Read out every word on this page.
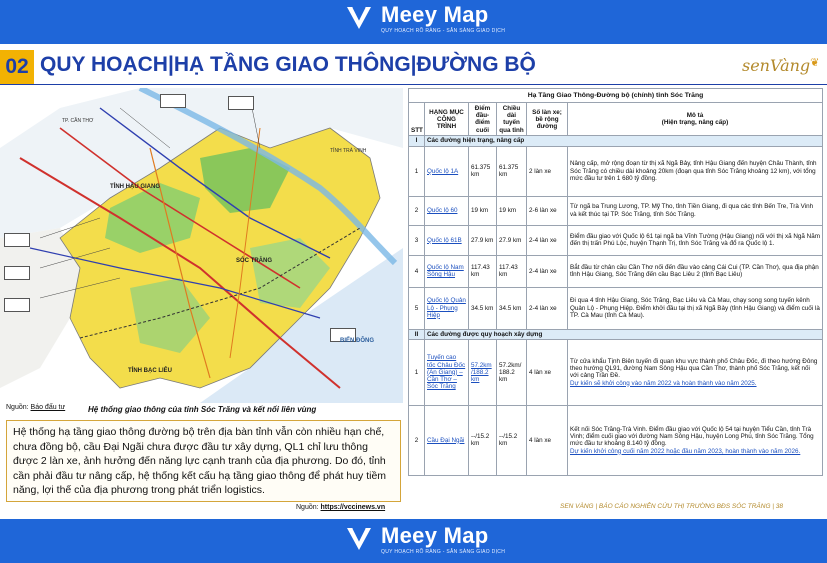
Meey Map
QUY HOẠCH RÕ RÀNG - SẴN SÀNG GIAO DỊCH
02 QUY HOẠCH|HẠ TẦNG GIAO THÔNG|ĐƯỜNG BỘ	senVàng❦
TỈNH HẬU GIANG
TỈNH BẠC LIÊU
SÓC TRĂNG
BIỂN ĐÔNG
TỈNH TRÀ VINH
TP. CẦN THƠ
Nguồn: Báo đấu tư	Hệ thống giao thông của tỉnh Sóc Trăng và kết nối liên vùng

Hệ thống hạ tầng giao thông đường bộ trên địa bàn tỉnh vẫn còn nhiều hạn chế, chưa đồng bộ, cầu Đại Ngãi chưa được đầu tư xây dựng, QL1 chỉ lưu thông được 2 làn xe, ảnh hưởng đến năng lực cạnh tranh của địa phương. Do đó, tỉnh cần phải đầu tư nâng cấp, hệ thống kết cấu hạ tầng giao thông để phát huy tiềm năng, lợi thế của địa phương trong phát triển logistics.

Nguồn: https://vccinews.vn
Hạ Tầng Giao Thông-Đường bộ (chính) tỉnh Sóc Trăng					
STT	HẠNG MỤC CÔNG TRÌNH	Điểm đầu-điểm cuối	Chiều dài tuyến qua tỉnh	Số làn xe; bề rộng đường	Mô tả
(Hiện trạng, nâng cấp)

I	Các đường hiện trạng, nâng cấp				
1	Quốc lộ 1A	61.375 km	61.375 km	2 làn xe	Nâng cấp, mở rộng đoạn từ thị xã Ngã Bảy, tỉnh Hậu Giang đến huyện Châu Thành, tỉnh Sóc Trăng có chiều dài khoảng 20km (đoạn qua tỉnh Sóc Trăng khoảng 12 km), với tổng mức đầu tư trên 1 680 tỷ đồng.
2	Quốc lộ 60	19 km	19 km	2-6 làn xe	Từ ngã ba Trung Lương, TP. Mỹ Tho, tỉnh Tiền Giang, đi qua các tỉnh Bến Tre, Trà Vinh và kết thúc tại TP. Sóc Trăng, tỉnh Sóc Trăng.
3	Quốc lộ 61B	27.9 km	27.9 km	2-4 làn xe	Điểm đầu giao với Quốc lộ 61 tại ngã ba Vĩnh Tường (Hậu Giang) nối với thị xã Ngã Năm đến thị trấn Phú Lộc, huyện Thạnh Trị, tỉnh Sóc Trăng và đổ ra Quốc lộ 1.
4	Quốc lộ Nam Sông Hậu	117.43 km	117.43 km	2-4 làn xe	Bắt đầu từ chân cầu Cần Thơ nối đến đầu vào cảng Cái Cui (TP. Cần Thơ), qua địa phận tỉnh Hậu Giang, Sóc Trăng đến cầu Bạc Liêu 2 (tỉnh Bạc Liêu)
5	Quốc lộ Quản Lộ - Phụng Hiệp	34.5 km	34.5 km	2-4 làn xe	Đi qua 4 tỉnh Hậu Giang, Sóc Trăng, Bạc Liêu và Cà Mau, chạy song song tuyến kênh Quản Lộ - Phụng Hiệp. Điểm khởi đầu tại thị xã Ngã Bảy (tỉnh Hậu Giang) và điểm cuối là TP. Cà Mau (tỉnh Cà Mau).
II	Các đường được quy hoạch xây dựng				
1	Tuyến cao tốc Châu Đốc (An Giang) – Cần Thơ – Sóc Trăng	57.2km /188.2 km	57.2km/ 188.2 km	4 làn xe	Từ cửa khẩu Tịnh Biên tuyến đi quan khu vực thành phố Châu Đốc, đi theo hướng Đông theo hướng QL91, đường Nam Sông Hậu qua Cần Thơ, thành phố Sóc Trăng, kết nối với cảng Trần Đề.
Dự kiến sẽ khởi công vào năm 2022 và hoàn thành vào năm 2025.

2	Cầu Đại Ngãi	--/15.2 km	--/15.2 km	4 làn xe	Kết nối Sóc Trăng-Trà Vinh. Điểm đầu giao với Quốc lộ 54 tại huyện Tiểu Cần, tỉnh Trà Vinh; điểm cuối giao với đường Nam Sông Hậu, huyện Long Phú, tỉnh Sóc Trăng. Tổng mức đầu tư khoảng 8.140 tỷ đồng.
Dự kiến khởi công cuối năm 2022 hoặc đầu năm 2023, hoàn thành vào năm 2026.
SEN VÀNG | BÁO CÁO NGHIÊN CỨU THỊ TRƯỜNG BĐS SÓC TRĂNG | 38
Meey Map
QUY HOẠCH RÕ RÀNG - SẴN SÀNG GIAO DỊCH
